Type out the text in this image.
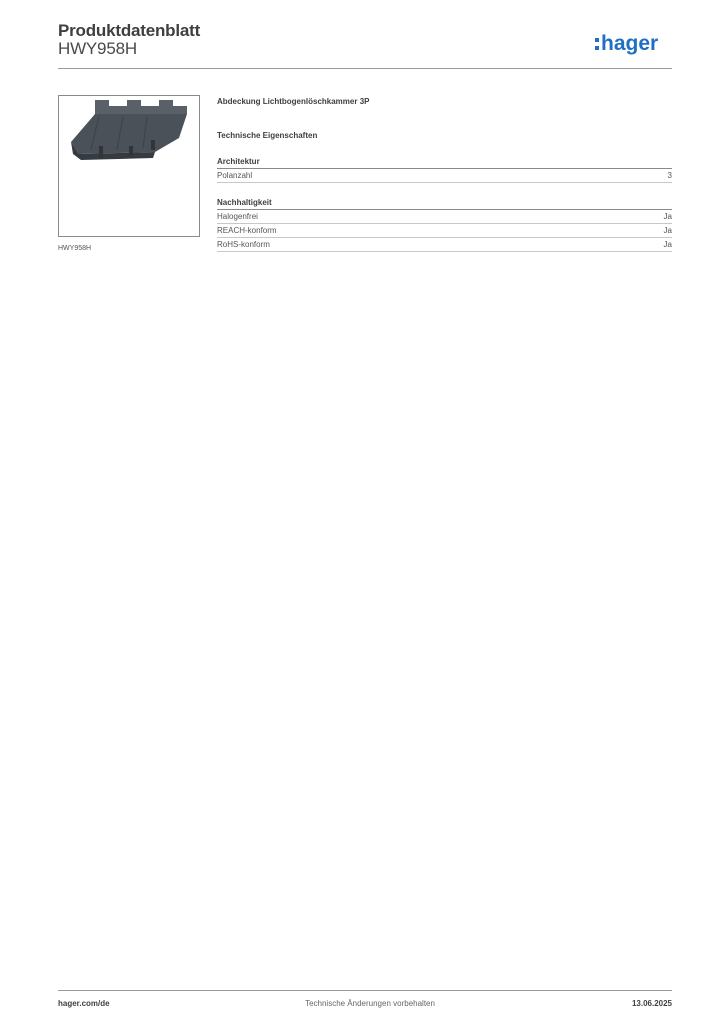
Produktdatenblatt
HWY958H	hager
HWY958H
Abdeckung Lichtbogenlöschkammer 3P
Technische Eigenschaften
Architektur
Polanzahl	3
Nachhaltigkeit
Halogenfrei	Ja
REACH-konform	Ja
RoHS-konform	Ja
hager.com/de	Technische Änderungen vorbehalten	13.06.2025
